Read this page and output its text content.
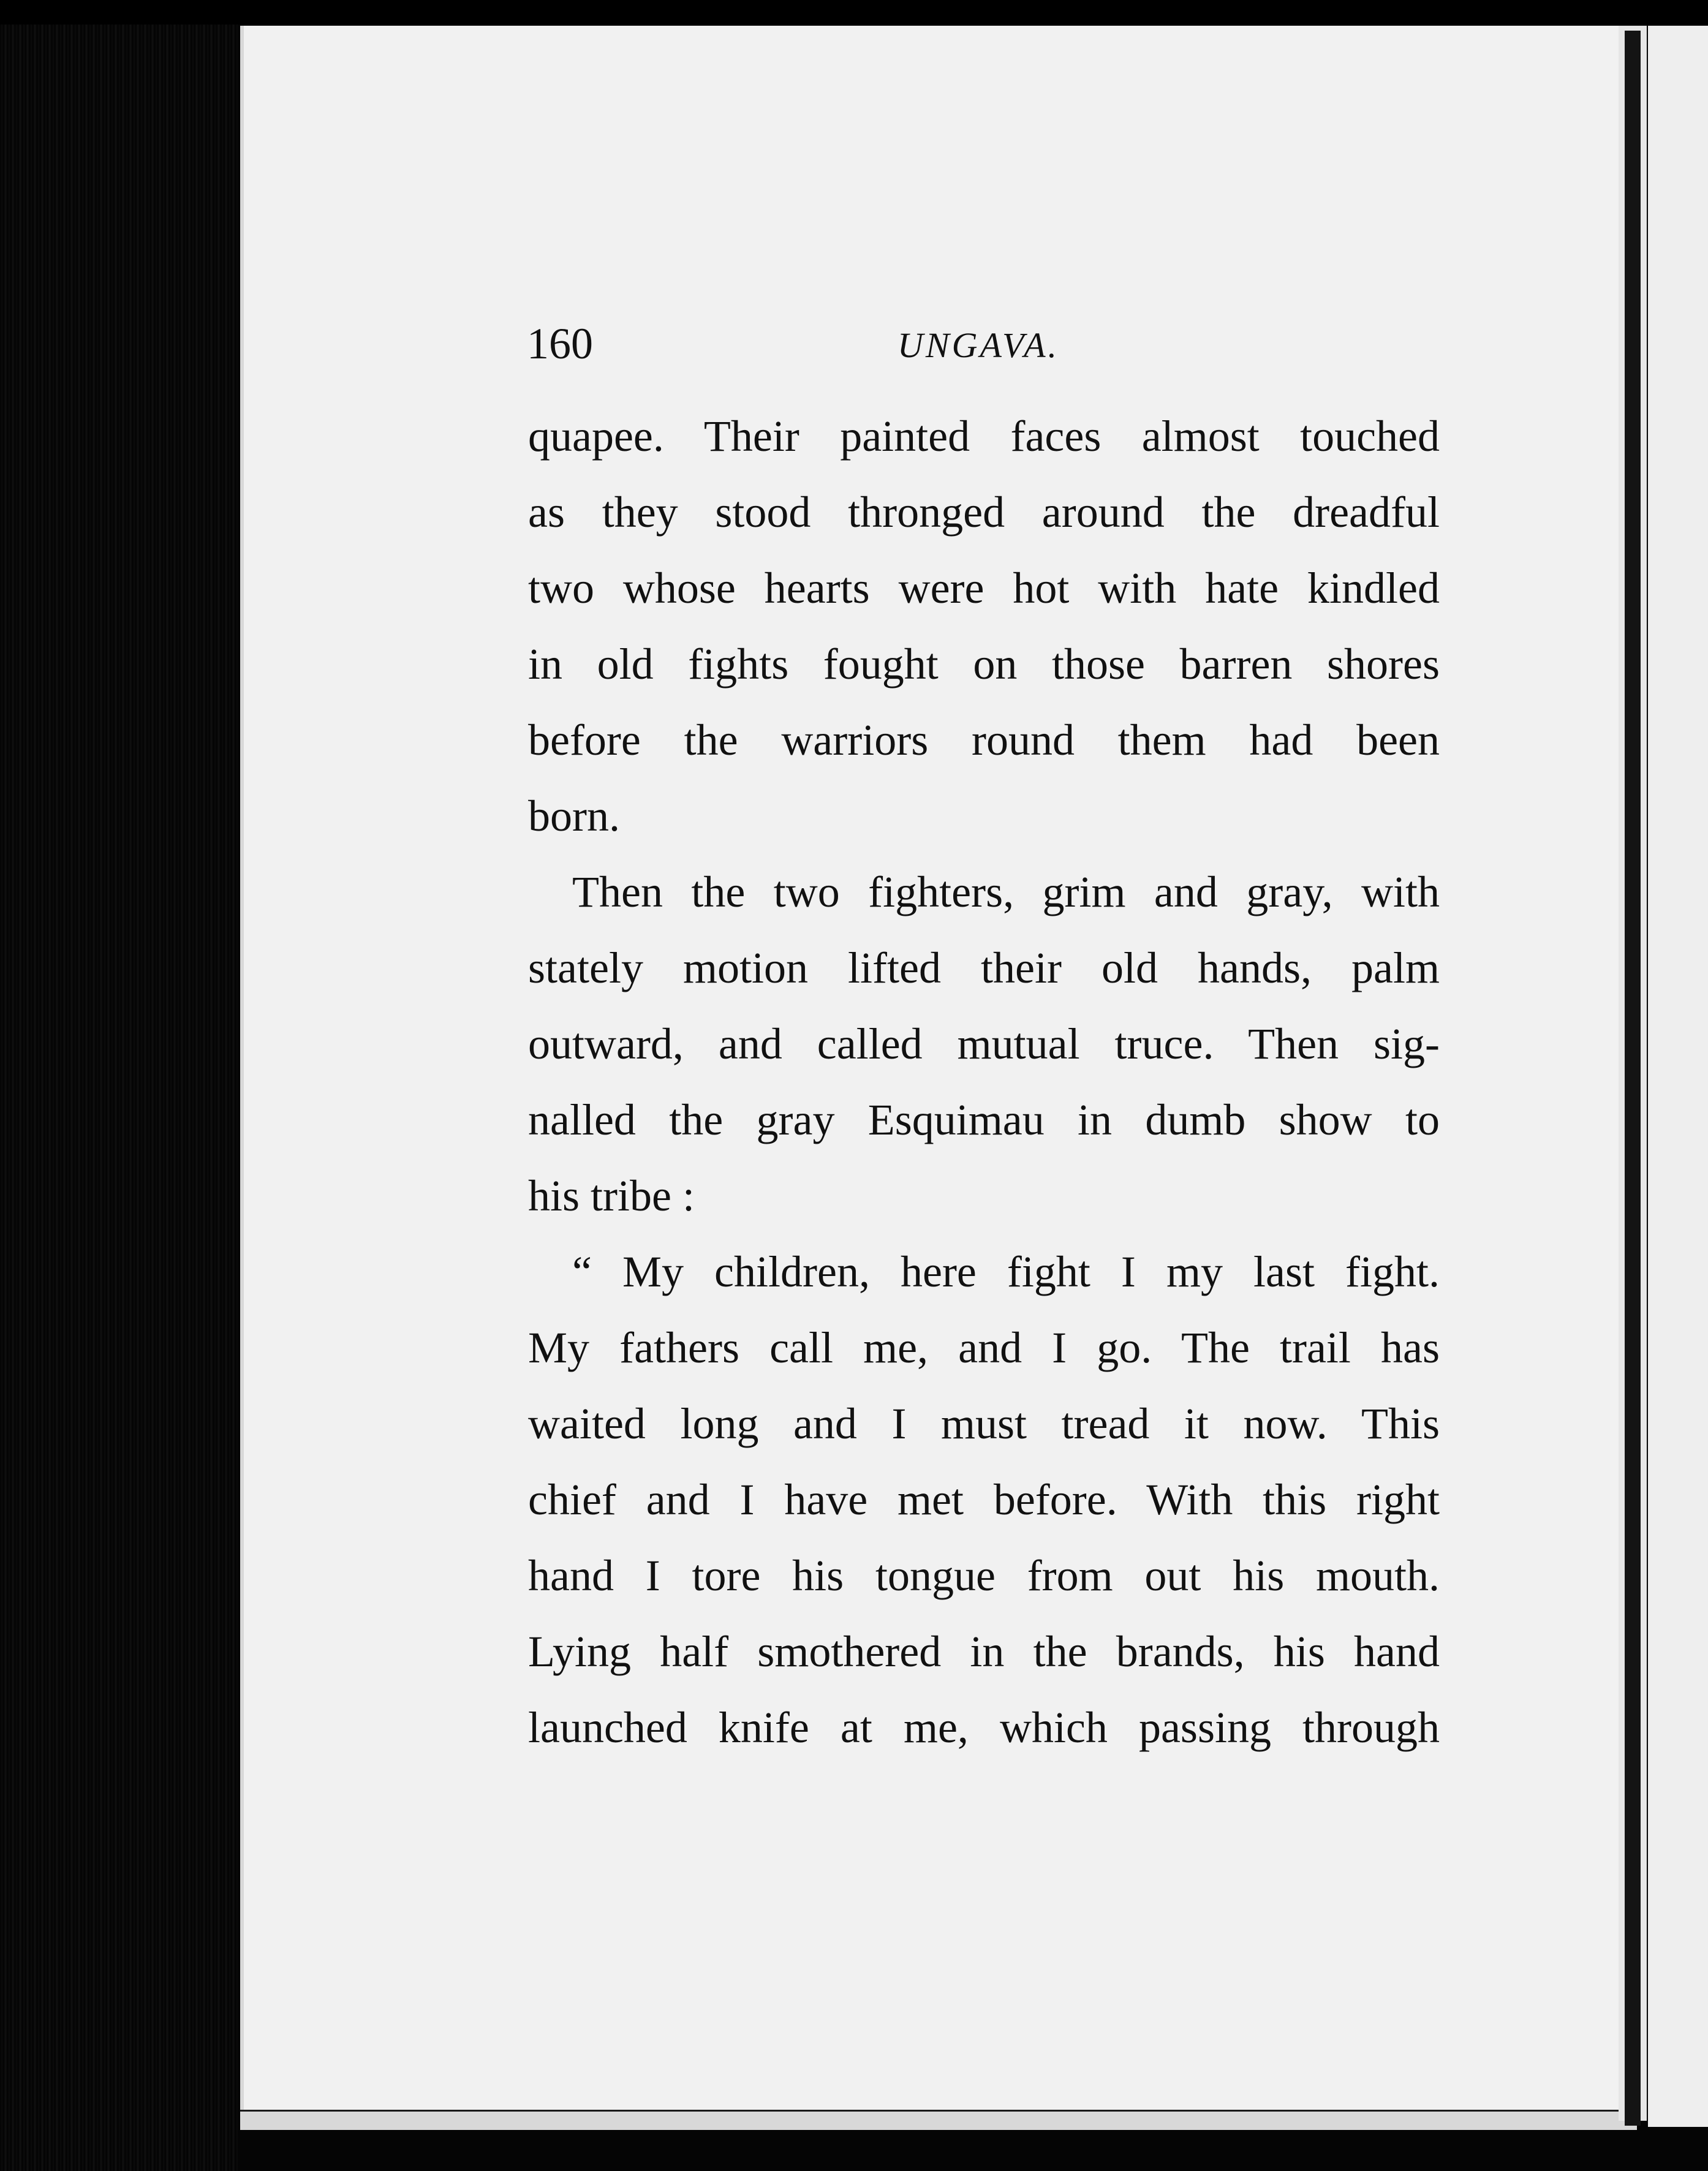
160	UNGAVA.

quapee. Their painted faces almost touched
as they stood thronged around the dreadful
two whose hearts were hot with hate kindled
in old fights fought on those barren shores
before the warriors round them had been
born.

Then the two fighters, grim and gray, with
stately motion lifted their old hands, palm
outward, and called mutual truce. Then sig-
nalled the gray Esquimau in dumb show to
his tribe :

“ My children, here fight I my last fight.
My fathers call me, and I go. The trail has
waited long and I must tread it now. This
chief and I have met before. With this right
hand I tore his tongue from out his mouth.
Lying half smothered in the brands, his hand
launched knife at me, which passing through
